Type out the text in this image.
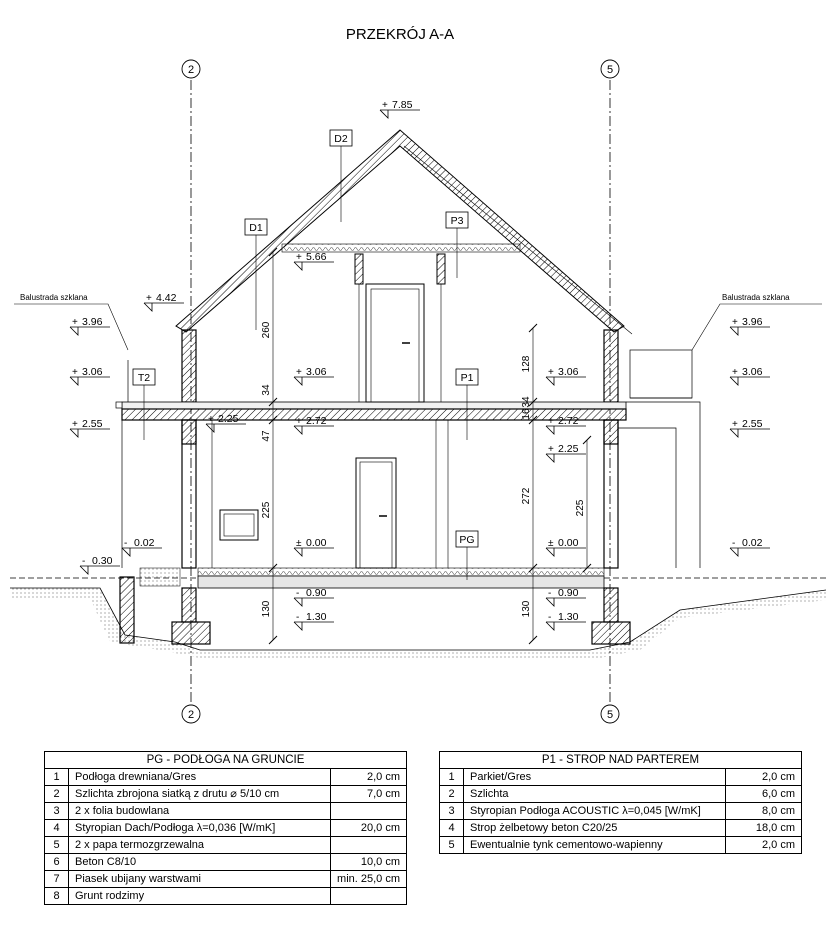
PRZEKRÓJ A-A
2	5
2	5
260
34
47
225
130
128
34
16
272
225
130
D2
D1
P3
P1
PG
T2
Balustrada szklana	Balustrada szklana
+ 7.85
+ 5.66
+ 4.42
+ 3.96	+ 3.96
+ 3.06	+ 3.06	+ 3.06	+ 3.06
+ 2.55	+ 2.55
+ 2.25	+ 2.72	+ 2.72
+ 2.25
- 0.02	± 0.00	± 0.00	- 0.02
- 0.30
- 0.90
- 1.30
- 0.90
- 1.30
PG - PODŁOGA NA GRUNCIE		
1	Podłoga drewniana/Gres	2,0 cm
2	Szlichta zbrojona siatką z drutu ⌀ 5/10 cm	7,0 cm
3	2 x folia budowlana	
4	Styropian Dach/Podłoga λ=0,036 [W/mK]	20,0 cm
5	2 x papa termozgrzewalna	
6	Beton C8/10	10,0 cm
7	Piasek ubijany warstwami	min. 25,0 cm
8	Grunt rodzimy	
P1 - STROP NAD PARTEREM		
1	Parkiet/Gres	2,0 cm
2	Szlichta	6,0 cm
3	Styropian Podłoga ACOUSTIC λ=0,045 [W/mK]	8,0 cm
4	Strop żelbetowy beton C20/25	18,0 cm
5	Ewentualnie tynk cementowo-wapienny	2,0 cm
